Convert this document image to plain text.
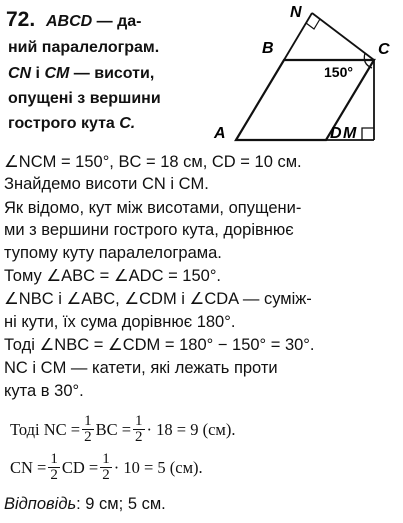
72. ABCD — да-
ний паралелограм.
CN і CM — висоти,
опущені з вершини
гострого кута C.
N
B	C
A	D M
150°
∠NCM = 150°, BC = 18 см, CD = 10 см.
Знайдемо висоти CN і CM.
Як відомо, кут між висотами, опущени-
ми з вершини гострого кута, дорівнює
тупому куту паралелограма.
Тому ∠ABC = ∠ADC = 150°.
∠NBC і ∠ABC, ∠CDM і ∠CDA — суміж-
ні кути, їх сума дорівнює 180°.
Тоді ∠NBC = ∠CDM = 180° − 150° = 30°.
NC і CM — катети, які лежать проти
кута в 30°.
Тоді NC = $\frac{1}{2}$ BC = $\frac{1}{2} \cdot 18 = 9$ (см).
CN = $\frac{1}{2}$ CD = $\frac{1}{2} \cdot 10 = 5$ (см).
Відповідь: 9 см; 5 см.
